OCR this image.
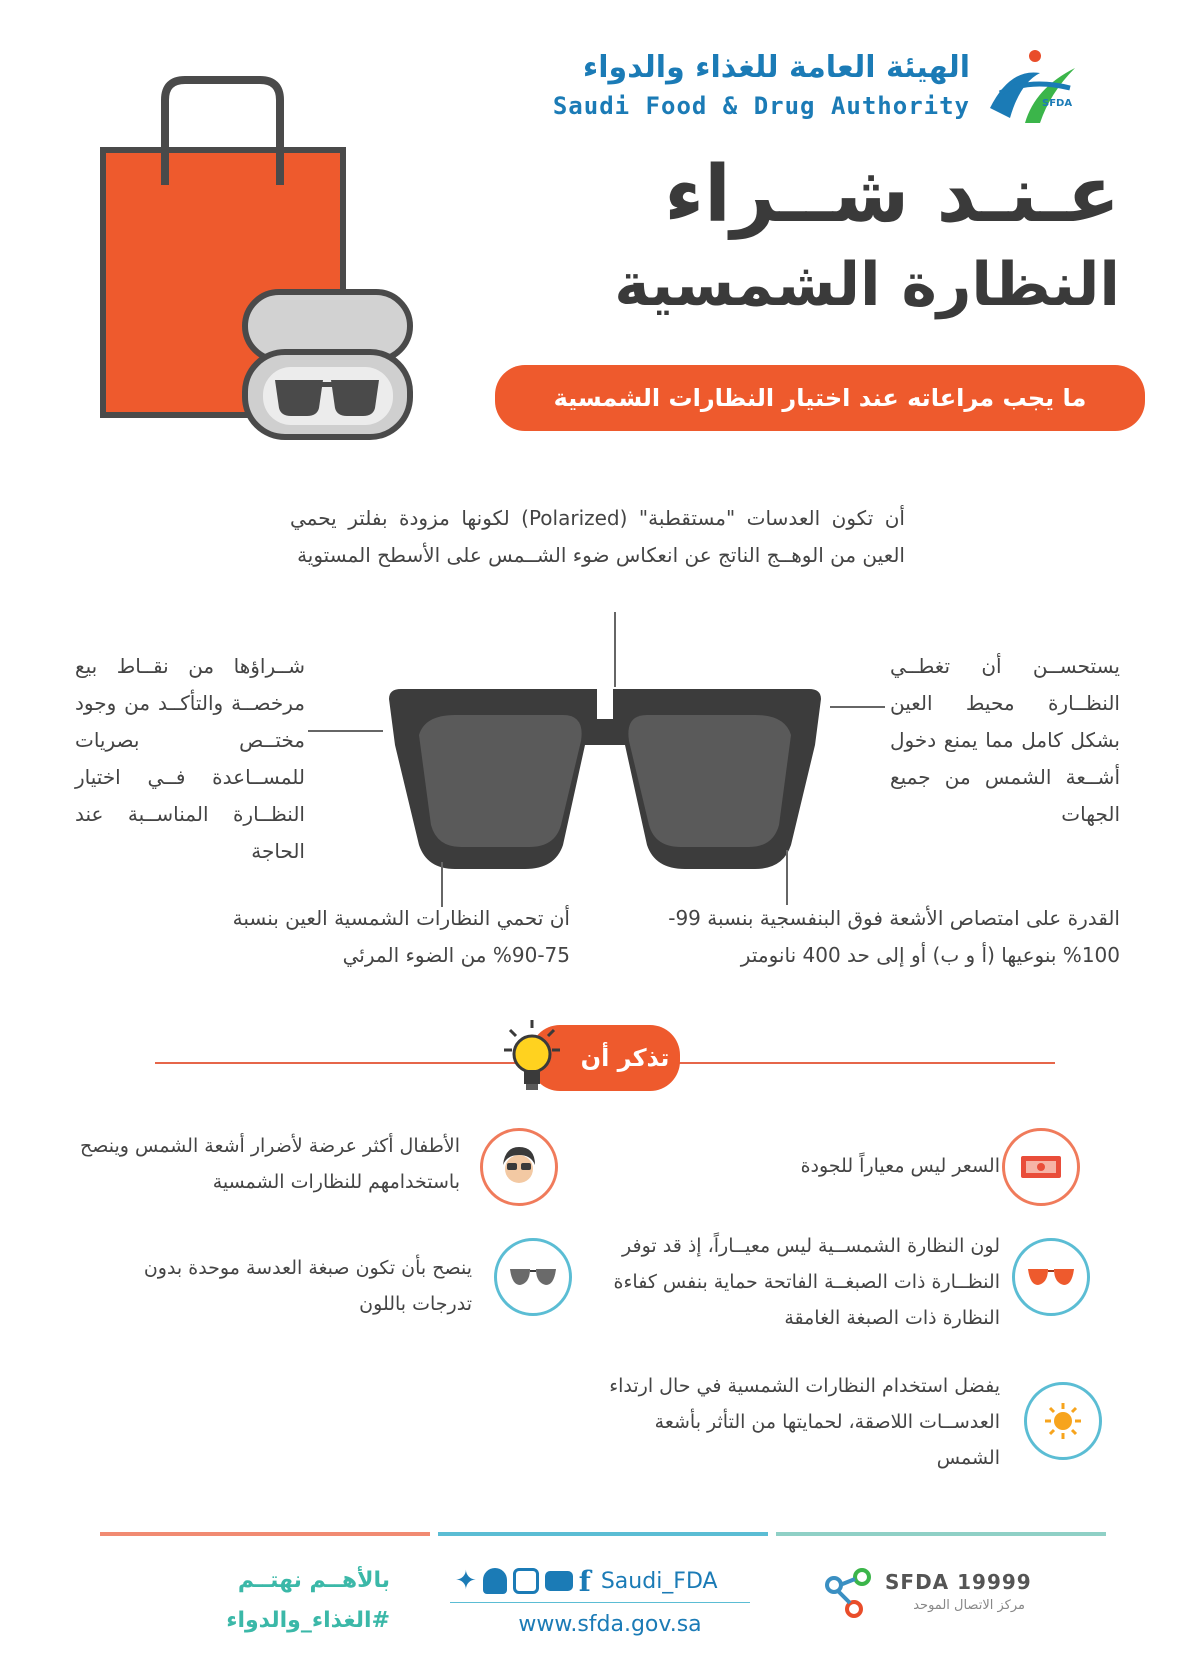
الهيئة العامة للغذاء والدواء
Saudi Food & Drug Authority	SFDA
عـنـد شــراء
النظارة الشمسية
ما يجب مراعاته عند اختيار النظارات الشمسية
أن تكون العدسات "مستقطبة" (Polarized) لكونها مزودة بفلتر يحمي العين من الوهــج الناتج عن انعكاس ضوء الشــمس على الأسطح المستوية
شــراؤها من نقــاط بيع مرخصــة والتأكــد من وجود مختــص بصريات للمســاعدة فــي اختيار النظــارة المناســبة عند الحاجة
يستحســن أن تغطــي النظــارة محيط العين بشكل كامل مما يمنع دخول أشــعة الشمس من جميع الجهات
أن تحمي النظارات الشمسية العين بنسبة 75-90% من الضوء المرئي
القدرة على امتصاص الأشعة فوق البنفسجية بنسبة 99-100% بنوعيها (أ و ب) أو إلى حد 400 نانومتر
تذكر أن
السعر ليس معياراً للجودة
الأطفال أكثر عرضة لأضرار أشعة الشمس وينصح باستخدامهم للنظارات الشمسية
لون النظارة الشمســية ليس معيــاراً، إذ قد توفر النظــارة ذات الصبغــة الفاتحة حماية بنفس كفاءة النظارة ذات الصبغة الغامقة
ينصح بأن تكون صبغة العدسة موحدة بدون تدرجات باللون
يفضل استخدام النظارات الشمسية في حال ارتداء العدســات اللاصقة، لحمايتها من التأثر بأشعة الشمس
بالأهــم نهتــم
#الغذاء_والدواء
✦	f Saudi_FDA
www.sfda.gov.sa
SFDA 19999
مركز الاتصال الموحد
